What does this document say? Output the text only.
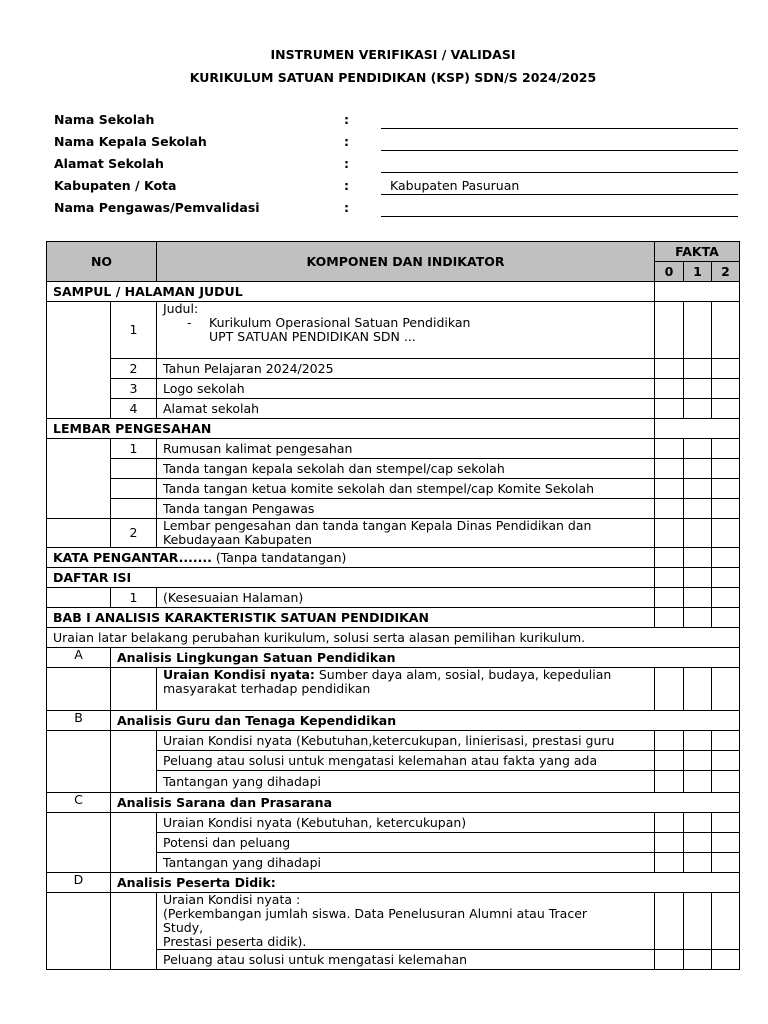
INSTRUMEN VERIFIKASI / VALIDASI
KURIKULUM SATUAN PENDIDIKAN (KSP) SDN/S 2024/2025
Nama Sekolah	:
Nama Kepala Sekolah	:
Alamat Sekolah	:
Kabupaten / Kota	:	Kabupaten Pasuruan
Nama Pengawas/Pemvalidasi	:
NO		KOMPONEN DAN INDIKATOR	FAKTA		
			0	1	2
SAMPUL / HALAMAN JUDUL					
	1	Judul:
- Kurikulum Operasional Satuan Pendidikan
UPT SATUAN PENDIDIKAN SDN ...			

	2	Tahun Pelajaran 2024/2025			
	3	Logo sekolah			
	4	Alamat sekolah			
LEMBAR PENGESAHAN					
	1	Rumusan kalimat pengesahan			
		Tanda tangan kepala sekolah dan stempel/cap sekolah			
		Tanda tangan ketua komite sekolah dan stempel/cap Komite Sekolah			
		Tanda tangan Pengawas			
	2	Lembar pengesahan dan tanda tangan Kepala Dinas Pendidikan dan
Kebudayaan Kabupaten			

KATA PENGANTAR....... (Tanpa tandatangan)					
DAFTAR ISI					
	1	(Kesesuaian Halaman)			
BAB I ANALISIS KARAKTERISTIK SATUAN PENDIDIKAN					
Uraian latar belakang perubahan kurikulum, solusi serta alasan pemilihan kurikulum.					
A	Analisis Lingkungan Satuan Pendidikan				

		Uraian Kondisi nyata: Sumber daya alam, sosial, budaya, kepedulian
masyarakat terhadap pendidikan			

B	Analisis Guru dan Tenaga Kependidikan				
		Uraian Kondisi nyata (Kebutuhan,ketercukupan, linierisasi, prestasi guru			
		Peluang atau solusi untuk mengatasi kelemahan atau fakta yang ada			
		Tantangan yang dihadapi			
C	Analisis Sarana dan Prasarana				
		Uraian Kondisi nyata (Kebutuhan, ketercukupan)			
		Potensi dan peluang			
		Tantangan yang dihadapi			
D	Analisis Peserta Didik:				

		Uraian Kondisi nyata :
(Perkembangan jumlah siswa. Data Penelusuran Alumni atau Tracer
Study,
Prestasi peserta didik).			

		Peluang atau solusi untuk mengatasi kelemahan			
